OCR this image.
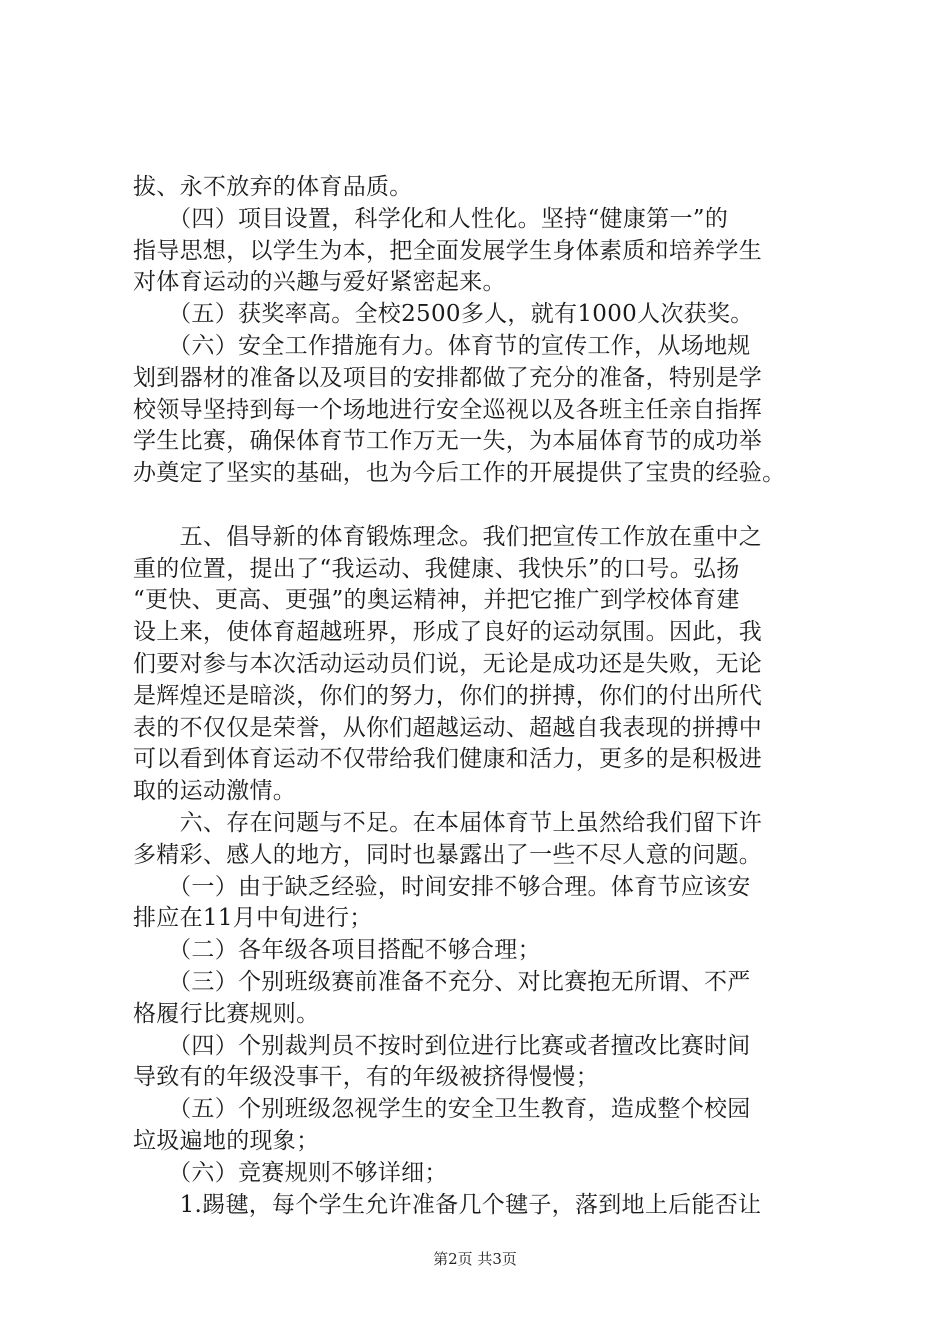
拔、永不放弃的体育品质。
　　（四）项目设置，科学化和人性化。坚持“健康第一”的
指导思想，以学生为本，把全面发展学生身体素质和培养学生
对体育运动的兴趣与爱好紧密起来。
　　（五）获奖率高。全校2500多人，就有1000人次获奖。
　　（六）安全工作措施有力。体育节的宣传工作，从场地规
划到器材的准备以及项目的安排都做了充分的准备，特别是学
校领导坚持到每一个场地进行安全巡视以及各班主任亲自指挥
学生比赛，确保体育节工作万无一失，为本届体育节的成功举
办奠定了坚实的基础，也为今后工作的开展提供了宝贵的经验。
　　五、倡导新的体育锻炼理念。我们把宣传工作放在重中之
重的位置，提出了“我运动、我健康、我快乐”的口号。弘扬
“更快、更高、更强”的奥运精神，并把它推广到学校体育建
设上来，使体育超越班界，形成了良好的运动氛围。因此，我
们要对参与本次活动运动员们说，无论是成功还是失败，无论
是辉煌还是暗淡，你们的努力，你们的拼搏，你们的付出所代
表的不仅仅是荣誉，从你们超越运动、超越自我表现的拼搏中
可以看到体育运动不仅带给我们健康和活力，更多的是积极进
取的运动激情。
　　六、存在问题与不足。在本届体育节上虽然给我们留下许
多精彩、感人的地方，同时也暴露出了一些不尽人意的问题。
　　（一）由于缺乏经验，时间安排不够合理。体育节应该安
排应在11月中旬进行；
　　（二）各年级各项目搭配不够合理；
　　（三）个别班级赛前准备不充分、对比赛抱无所谓、不严
格履行比赛规则。
　　（四）个别裁判员不按时到位进行比赛或者擅改比赛时间
导致有的年级没事干，有的年级被挤得慢慢；
　　（五）个别班级忽视学生的安全卫生教育，造成整个校园
垃圾遍地的现象；
　　（六）竞赛规则不够详细；
　　1.踢毽，每个学生允许准备几个毽子，落到地上后能否让
第2页 共3页
